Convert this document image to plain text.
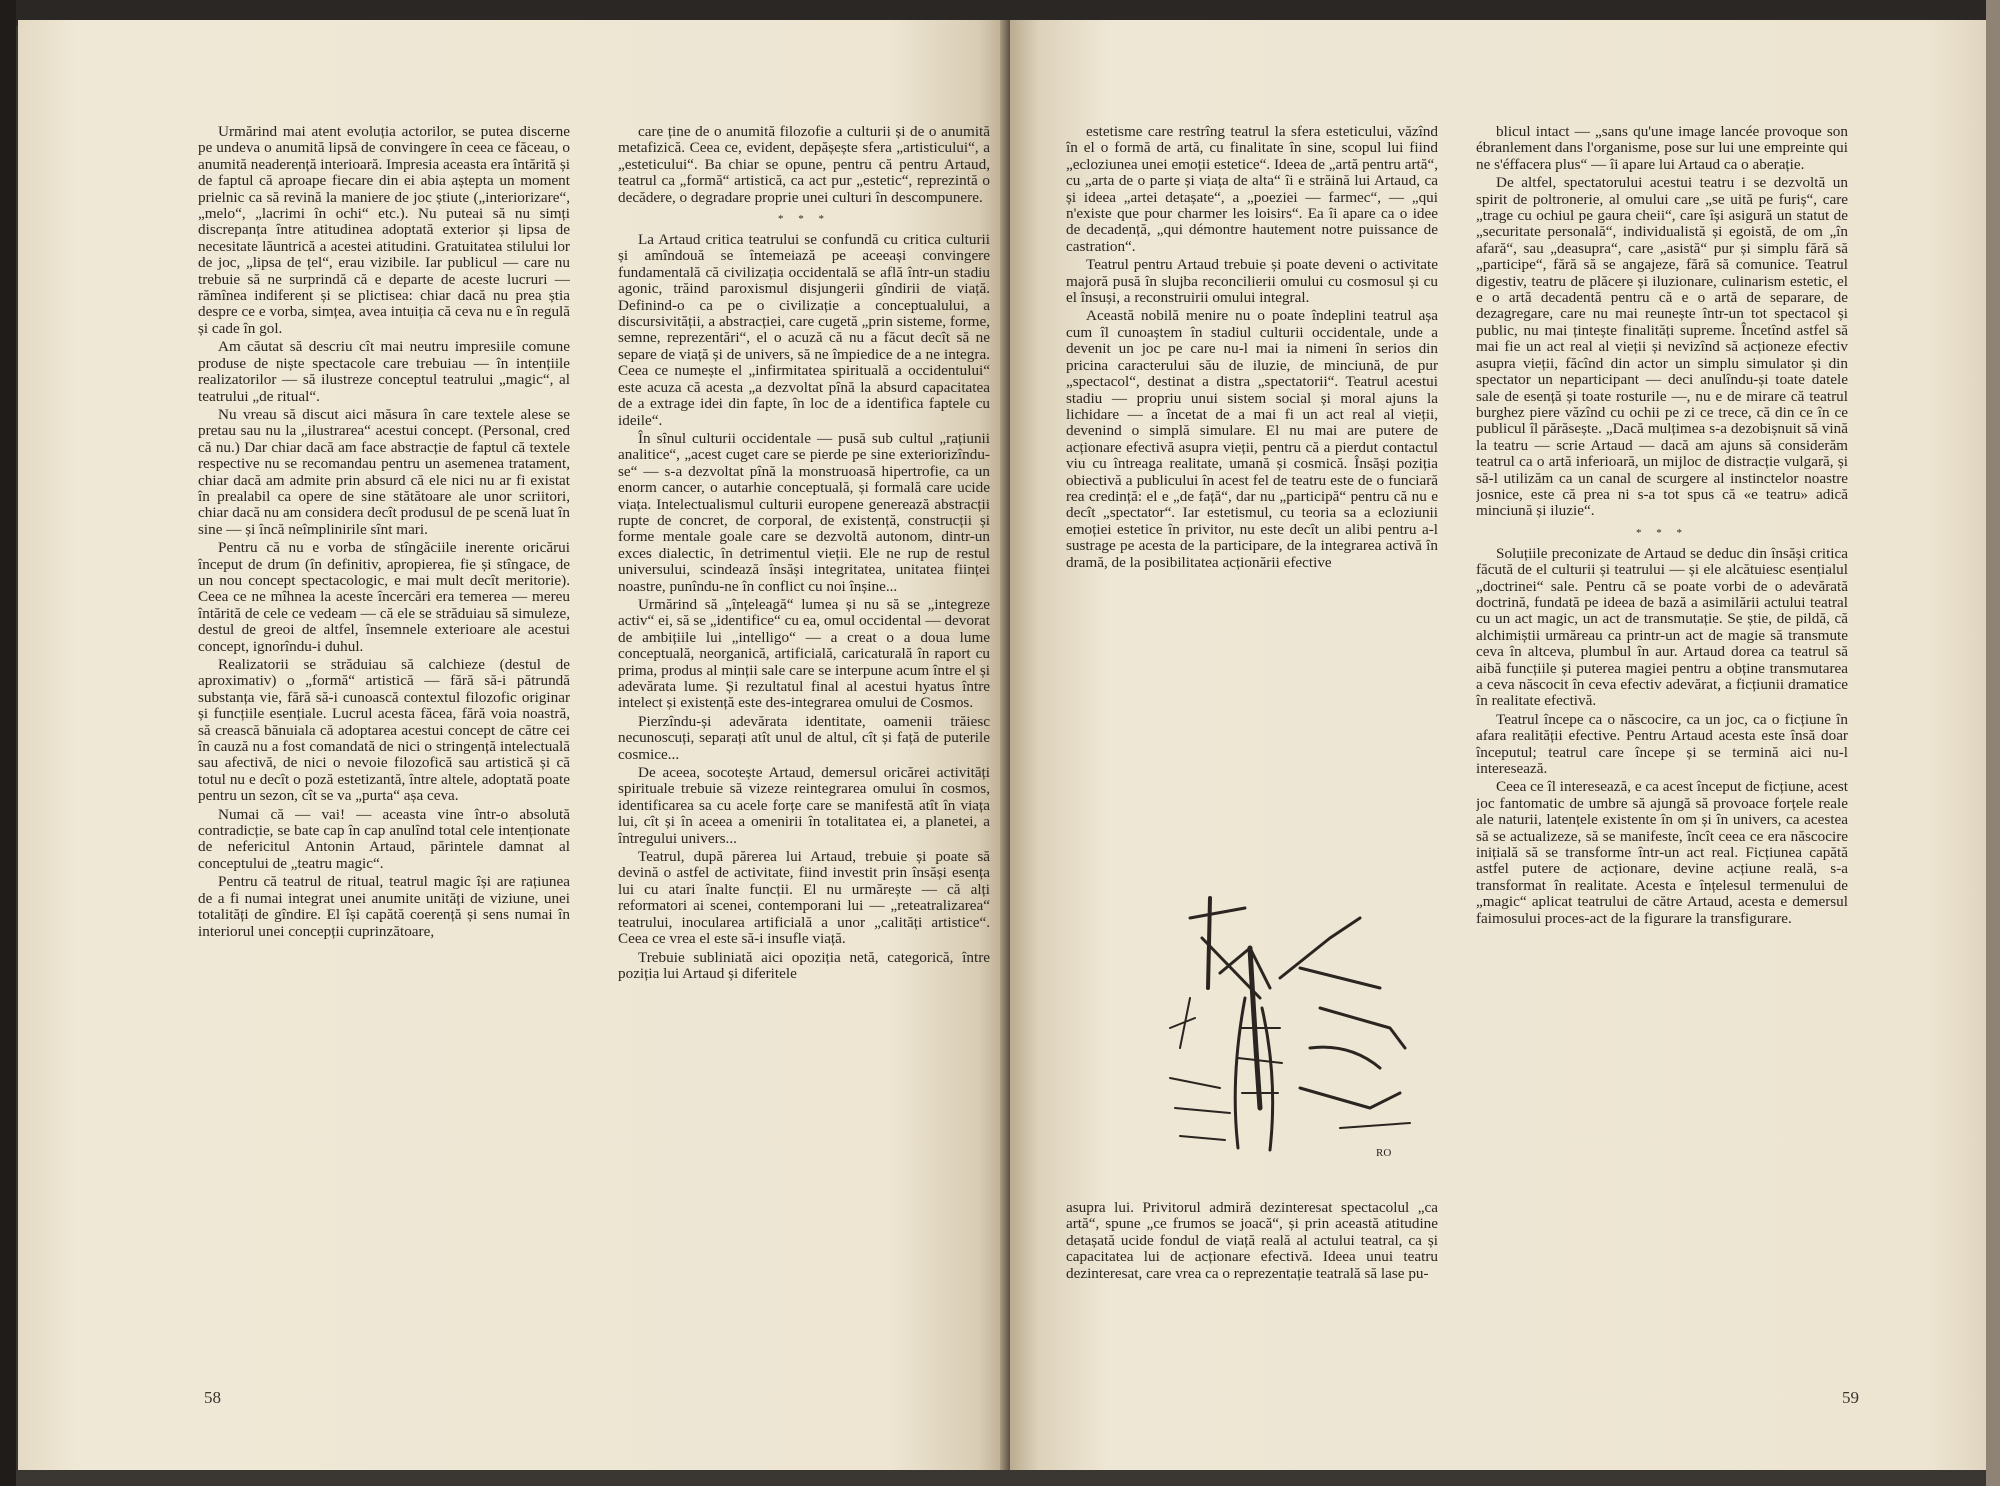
Urmărind mai atent evoluția actorilor, se putea discerne pe undeva o anumită lipsă de convingere în ceea ce făceau, o anumită neaderență interioară. Impresia aceasta era întărită și de faptul că aproape fiecare din ei abia aștepta un moment prielnic ca să revină la maniere de joc știute („interiorizare“, „melo“, „lacrimi în ochi“ etc.). Nu puteai să nu simți discrepanța între atitudinea adoptată exterior și lipsa de necesitate lăuntrică a acestei atitudini. Gratuitatea stilului lor de joc, „lipsa de țel“, erau vizibile. Iar publicul — care nu trebuie să ne surprindă că e departe de aceste lucruri — rămînea indiferent și se plictisea: chiar dacă nu prea știa despre ce e vorba, simțea, avea intuiția că ceva nu e în regulă și cade în gol.

Am căutat să descriu cît mai neutru impresiile comune produse de niște spectacole care trebuiau — în intențiile realizatorilor — să ilustreze conceptul teatrului „magic“, al teatrului „de ritual“.

Nu vreau să discut aici măsura în care textele alese se pretau sau nu la „ilustrarea“ acestui concept. (Personal, cred că nu.) Dar chiar dacă am face abstracție de faptul că textele respective nu se recomandau pentru un asemenea tratament, chiar dacă am admite prin absurd că ele nici nu ar fi existat în prealabil ca opere de sine stătătoare ale unor scriitori, chiar dacă nu am considera decît produsul de pe scenă luat în sine — și încă neîmplinirile sînt mari.

Pentru că nu e vorba de stîngăciile inerente oricărui început de drum (în definitiv, apropierea, fie și stîngace, de un nou concept spectacologic, e mai mult decît meritorie). Ceea ce ne mîhnea la aceste încercări era temerea — mereu întărită de cele ce vedeam — că ele se străduiau să simuleze, destul de greoi de altfel, însemnele exterioare ale acestui concept, ignorîndu-i duhul.

Realizatorii se străduiau să calchieze (destul de aproximativ) o „formă“ artistică — fără să-i pătrundă substanța vie, fără să-i cunoască contextul filozofic originar și funcțiile esențiale. Lucrul acesta făcea, fără voia noastră, să crească bănuiala că adoptarea acestui concept de către cei în cauză nu a fost comandată de nici o stringență intelectuală sau afectivă, de nici o nevoie filozofică sau artistică și că totul nu e decît o poză estetizantă, între altele, adoptată poate pentru un sezon, cît se va „purta“ așa ceva.

Numai că — vai! — aceasta vine într-o absolută contradicție, se bate cap în cap anulînd total cele intenționate de nefericitul Antonin Artaud, părintele damnat al conceptului de „teatru magic“.

Pentru că teatrul de ritual, teatrul magic își are rațiunea de a fi numai integrat unei anumite unități de viziune, unei totalități de gîndire. El își capătă coerență și sens numai în interiorul unei concepții cuprinzătoare,

care ține de o anumită filozofie a culturii și de o anumită metafizică. Ceea ce, evident, depășește sfera „artisticului“, a „esteticului“. Ba chiar se opune, pentru că pentru Artaud, teatrul ca „formă“ artistică, ca act pur „estetic“, reprezintă o decădere, o degradare proprie unei culturi în descompunere.

* * *

La Artaud critica teatrului se confundă cu critica culturii și amîndouă se întemeiază pe aceeași convingere fundamentală că civilizația occidentală se află într-un stadiu agonic, trăind paroxismul disjungerii gîndirii de viață. Definind-o ca pe o civilizație a conceptualului, a discursivității, a abstracției, care cugetă „prin sisteme, forme, semne, reprezentări“, el o acuză că nu a făcut decît să ne separe de viață și de univers, să ne împiedice de a ne integra. Ceea ce numește el „infirmitatea spirituală a occidentului“ este acuza că acesta „a dezvoltat pînă la absurd capacitatea de a extrage idei din fapte, în loc de a identifica faptele cu ideile“.

În sînul culturii occidentale — pusă sub cultul „rațiunii analitice“, „acest cuget care se pierde pe sine exteriorizîndu-se“ — s-a dezvoltat pînă la monstruoasă hipertrofie, ca un enorm cancer, o autarhie conceptuală, și formală care ucide viața. Intelectualismul culturii europene generează abstracții rupte de concret, de corporal, de existență, construcții și forme mentale goale care se dezvoltă autonom, dintr-un exces dialectic, în detrimentul vieții. Ele ne rup de restul universului, scindează însăși integritatea, unitatea ființei noastre, punîndu-ne în conflict cu noi înșine...

Urmărind să „înțeleagă“ lumea și nu să se „integreze activ“ ei, să se „identifice“ cu ea, omul occidental — devorat de ambițiile lui „intelligo“ — a creat o a doua lume conceptuală, neorganică, artificială, caricaturală în raport cu prima, produs al minții sale care se interpune acum între el și adevărata lume. Și rezultatul final al acestui hyatus între intelect și existență este des-integrarea omului de Cosmos.

Pierzîndu-și adevărata identitate, oamenii trăiesc necunoscuți, separați atît unul de altul, cît și față de puterile cosmice...

De aceea, socotește Artaud, demersul oricărei activități spirituale trebuie să vizeze reintegrarea omului în cosmos, identificarea sa cu acele forțe care se manifestă atît în viața lui, cît și în aceea a omenirii în totalitatea ei, a planetei, a întregului univers...

Teatrul, după părerea lui Artaud, trebuie și poate să devină o astfel de activitate, fiind investit prin însăși esența lui cu atari înalte funcții. El nu urmărește — că alți reformatori ai scenei, contemporani lui — „reteatralizarea“ teatrului, inocularea artificială a unor „calități artistice“. Ceea ce vrea el este să-i insufle viață.

Trebuie subliniată aici opoziția netă, categorică, între poziția lui Artaud și diferitele

58

estetisme care restrîng teatrul la sfera esteticului, văzînd în el o formă de artă, cu finalitate în sine, scopul lui fiind „ecloziunea unei emoții estetice“. Ideea de „artă pentru artă“, cu „arta de o parte și viața de alta“ îi e străină lui Artaud, ca și ideea „artei detașate“, a „poeziei — farmec“, — „qui n'existe que pour charmer les loisirs“. Ea îi apare ca o idee de decadență, „qui démontre hautement notre puissance de castration“.

Teatrul pentru Artaud trebuie și poate deveni o activitate majoră pusă în slujba reconcilierii omului cu cosmosul și cu el însuși, a reconstruirii omului integral.

Această nobilă menire nu o poate îndeplini teatrul așa cum îl cunoaștem în stadiul culturii occidentale, unde a devenit un joc pe care nu-l mai ia nimeni în serios din pricina caracterului său de iluzie, de minciună, de pur „spectacol“, destinat a distra „spectatorii“. Teatrul acestui stadiu — propriu unui sistem social și moral ajuns la lichidare — a încetat de a mai fi un act real al vieții, devenind o simplă simulare. El nu mai are putere de acționare efectivă asupra vieții, pentru că a pierdut contactul viu cu întreaga realitate, umană și cosmică. Însăși poziția obiectivă a publicului în acest fel de teatru este de o funciară rea credință: el e „de față“, dar nu „participă“ pentru că nu e decît „spectator“. Iar estetismul, cu teoria sa a ecloziunii emoției estetice în privitor, nu este decît un alibi pentru a-l sustrage pe acesta de la participare, de la integrarea activă în dramă, de la posibilitatea acționării efective

RO
asupra lui. Privitorul admiră dezinteresat spectacolul „ca artă“, spune „ce frumos se joacă“, și prin această atitudine detașată ucide fondul de viață reală al actului teatral, ca și capacitatea lui de acționare efectivă. Ideea unui teatru dezinteresat, care vrea ca o reprezentație teatrală să lase pu-

blicul intact — „sans qu'une image lancée provoque son ébranlement dans l'organisme, pose sur lui une empreinte qui ne s'éffacera plus“ — îi apare lui Artaud ca o aberație.

De altfel, spectatorului acestui teatru i se dezvoltă un spirit de poltronerie, al omului care „se uită pe furiș“, care „trage cu ochiul pe gaura cheii“, care își asigură un statut de „securitate personală“, individualistă și egoistă, de om „în afară“, sau „deasupra“, care „asistă“ pur și simplu fără să „participe“, fără să se angajeze, fără să comunice. Teatrul digestiv, teatru de plăcere și iluzionare, culinarism estetic, el e o artă decadentă pentru că e o artă de separare, de dezagregare, care nu mai reunește într-un tot spectacol și public, nu mai țintește finalități supreme. Încetînd astfel să mai fie un act real al vieții și nevizînd să acționeze efectiv asupra vieții, făcînd din actor un simplu simulator și din spectator un neparticipant — deci anulîndu-și toate datele sale de esență și toate rosturile —, nu e de mirare că teatrul burghez piere văzînd cu ochii pe zi ce trece, că din ce în ce publicul îl părăsește. „Dacă mulțimea s-a dezobișnuit să vină la teatru — scrie Artaud — dacă am ajuns să considerăm teatrul ca o artă inferioară, un mijloc de distracție vulgară, și să-l utilizăm ca un canal de scurgere al instinctelor noastre josnice, este că prea ni s-a tot spus că «e teatru» adică minciună și iluzie“.

* * *

Soluțiile preconizate de Artaud se deduc din însăși critica făcută de el culturii și teatrului — și ele alcătuiesc esențialul „doctrinei“ sale. Pentru că se poate vorbi de o adevărată doctrină, fundată pe ideea de bază a asimilării actului teatral cu un act magic, un act de transmutație. Se știe, de pildă, că alchimiștii urmăreau ca printr-un act de magie să transmute ceva în altceva, plumbul în aur. Artaud dorea ca teatrul să aibă funcțiile și puterea magiei pentru a obține transmutarea a ceva născocit în ceva efectiv adevărat, a ficțiunii dramatice în realitate efectivă.

Teatrul începe ca o născocire, ca un joc, ca o ficțiune în afara realității efective. Pentru Artaud acesta este însă doar începutul; teatrul care începe și se termină aici nu-l interesează.

Ceea ce îl interesează, e ca acest început de ficțiune, acest joc fantomatic de umbre să ajungă să provoace forțele reale ale naturii, latențele existente în om și în univers, ca acestea să se actualizeze, să se manifeste, încît ceea ce era născocire inițială să se transforme într-un act real. Ficțiunea capătă astfel putere de acționare, devine acțiune reală, s-a transformat în realitate. Acesta e înțelesul termenului de „magic“ aplicat teatrului de către Artaud, acesta e demersul faimosului proces-act de la figurare la transfigurare.

59
